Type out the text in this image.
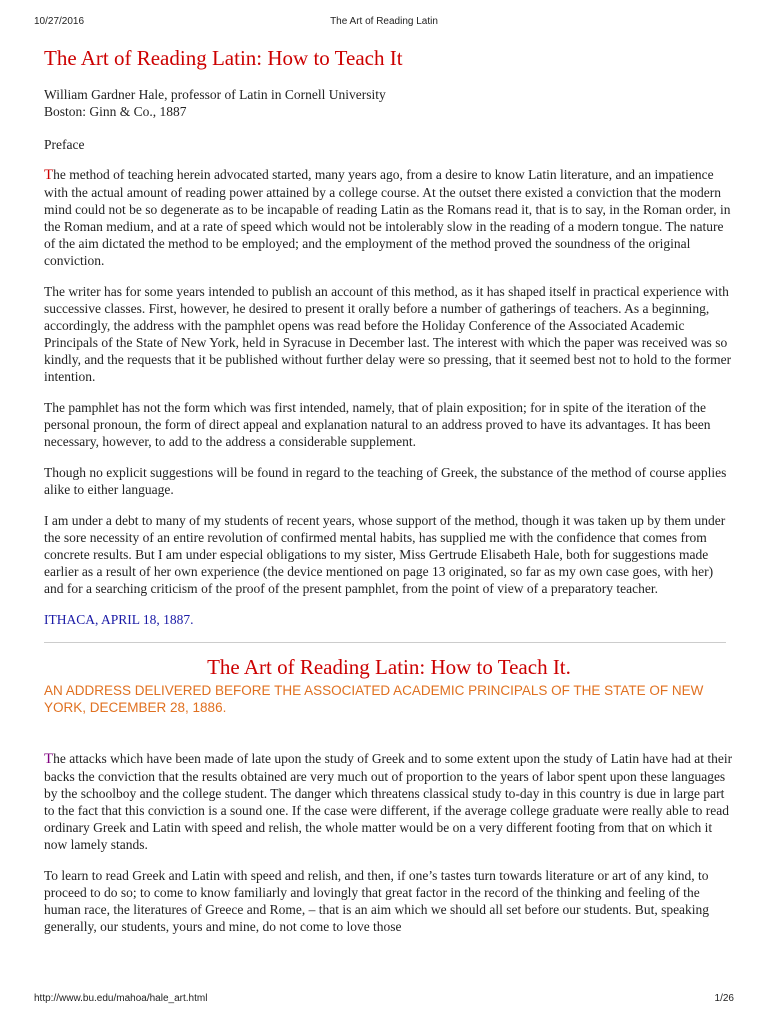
10/27/2016	The Art of Reading Latin
The Art of Reading Latin: How to Teach It
William Gardner Hale, professor of Latin in Cornell University
Boston: Ginn & Co., 1887
Preface

The method of teaching herein advocated started, many years ago, from a desire to know Latin literature, and an impatience with the actual amount of reading power attained by a college course. At the outset there existed a conviction that the modern mind could not be so degenerate as to be incapable of reading Latin as the Romans read it, that is to say, in the Roman order, in the Roman medium, and at a rate of speed which would not be intolerably slow in the reading of a modern tongue. The nature of the aim dictated the method to be employed; and the employment of the method proved the soundness of the original conviction.

The writer has for some years intended to publish an account of this method, as it has shaped itself in practical experience with successive classes. First, however, he desired to present it orally before a number of gatherings of teachers. As a beginning, accordingly, the address with the pamphlet opens was read before the Holiday Conference of the Associated Academic Principals of the State of New York, held in Syracuse in December last. The interest with which the paper was received was so kindly, and the requests that it be published without further delay were so pressing, that it seemed best not to hold to the former intention.

The pamphlet has not the form which was first intended, namely, that of plain exposition; for in spite of the iteration of the personal pronoun, the form of direct appeal and explanation natural to an address proved to have its advantages. It has been necessary, however, to add to the address a considerable supplement.

Though no explicit suggestions will be found in regard to the teaching of Greek, the substance of the method of course applies alike to either language.

I am under a debt to many of my students of recent years, whose support of the method, though it was taken up by them under the sore necessity of an entire revolution of confirmed mental habits, has supplied me with the confidence that comes from concrete results. But I am under especial obligations to my sister, Miss Gertrude Elisabeth Hale, both for suggestions made earlier as a result of her own experience (the device mentioned on page 13 originated, so far as my own case goes, with her) and for a searching criticism of the proof of the present pamphlet, from the point of view of a preparatory teacher.

ITHACA, APRIL 18, 1887.
The Art of Reading Latin: How to Teach It.
AN ADDRESS DELIVERED BEFORE THE ASSOCIATED ACADEMIC PRINCIPALS OF THE STATE OF NEW YORK, DECEMBER 28, 1886.

The attacks which have been made of late upon the study of Greek and to some extent upon the study of Latin have had at their backs the conviction that the results obtained are very much out of proportion to the years of labor spent upon these languages by the schoolboy and the college student. The danger which threatens classical study to-day in this country is due in large part to the fact that this conviction is a sound one. If the case were different, if the average college graduate were really able to read ordinary Greek and Latin with speed and relish, the whole matter would be on a very different footing from that on which it now lamely stands.

To learn to read Greek and Latin with speed and relish, and then, if one’s tastes turn towards literature or art of any kind, to proceed to do so; to come to know familiarly and lovingly that great factor in the record of the thinking and feeling of the human race, the literatures of Greece and Rome, – that is an aim which we should all set before our students. But, speaking generally, our students, yours and mine, do not come to love those

http://www.bu.edu/mahoa/hale_art.html	1/26
